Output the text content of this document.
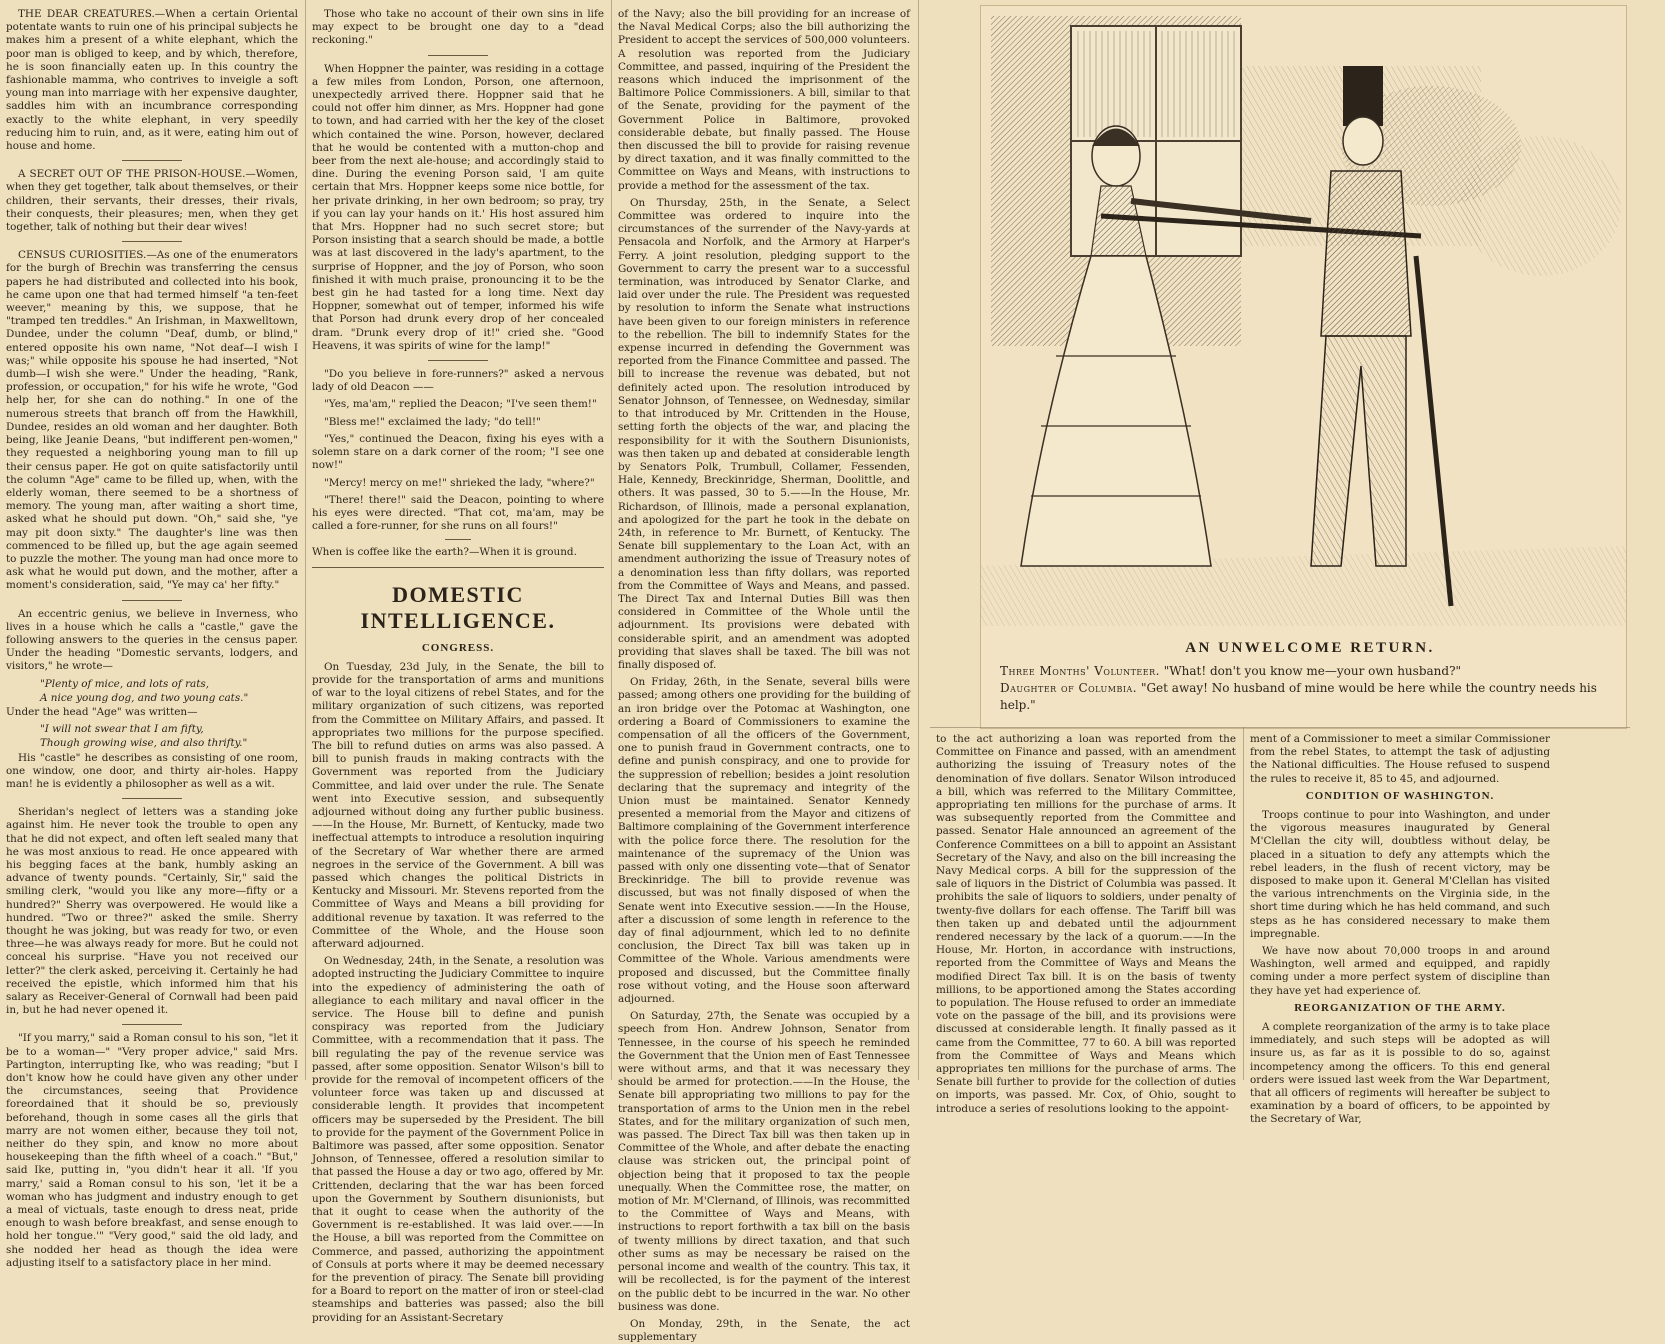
THE DEAR CREATURES.—When a certain Oriental potentate wants to ruin one of his principal subjects he makes him a present of a white elephant, which the poor man is obliged to keep, and by which, therefore, he is soon financially eaten up. In this country the fashionable mamma, who contrives to inveigle a soft young man into marriage with her expensive daughter, saddles him with an incumbrance corresponding exactly to the white elephant, in very speedily reducing him to ruin, and, as it were, eating him out of house and home.

A SECRET OUT OF THE PRISON-HOUSE.—Women, when they get together, talk about themselves, or their children, their servants, their dresses, their rivals, their conquests, their pleasures; men, when they get together, talk of nothing but their dear wives!

CENSUS CURIOSITIES.—As one of the enumerators for the burgh of Brechin was transferring the census papers he had distributed and collected into his book, he came upon one that had termed himself "a ten-feet weever," meaning by this, we suppose, that he "tramped ten treddles." An Irishman, in Maxwelltown, Dundee, under the column "Deaf, dumb, or blind," entered opposite his own name, "Not deaf—I wish I was;" while opposite his spouse he had inserted, "Not dumb—I wish she were." Under the heading, "Rank, profession, or occupation," for his wife he wrote, "God help her, for she can do nothing." In one of the numerous streets that branch off from the Hawkhill, Dundee, resides an old woman and her daughter. Both being, like Jeanie Deans, "but indifferent pen-women," they requested a neighboring young man to fill up their census paper. He got on quite satisfactorily until the column "Age" came to be filled up, when, with the elderly woman, there seemed to be a shortness of memory. The young man, after waiting a short time, asked what he should put down. "Oh," said she, "ye may pit doon sixty." The daughter's line was then commenced to be filled up, but the age again seemed to puzzle the mother. The young man had once more to ask what he would put down, and the mother, after a moment's consideration, said, "Ye may ca' her fifty."

An eccentric genius, we believe in Inverness, who lives in a house which he calls a "castle," gave the following answers to the queries in the census paper. Under the heading "Domestic servants, lodgers, and visitors," he wrote—

"Plenty of mice, and lots of rats,

A nice young dog, and two young cats."

Under the head "Age" was written—

"I will not swear that I am fifty,

Though growing wise, and also thrifty."

His "castle" he describes as consisting of one room, one window, one door, and thirty air-holes. Happy man! he is evidently a philosopher as well as a wit.

Sheridan's neglect of letters was a standing joke against him. He never took the trouble to open any that he did not expect, and often left sealed many that he was most anxious to read. He once appeared with his begging faces at the bank, humbly asking an advance of twenty pounds. "Certainly, Sir," said the smiling clerk, "would you like any more—fifty or a hundred?" Sherry was overpowered. He would like a hundred. "Two or three?" asked the smile. Sherry thought he was joking, but was ready for two, or even three—he was always ready for more. But he could not conceal his surprise. "Have you not received our letter?" the clerk asked, perceiving it. Certainly he had received the epistle, which informed him that his salary as Receiver-General of Cornwall had been paid in, but he had never opened it.

"If you marry," said a Roman consul to his son, "let it be to a woman—" "Very proper advice," said Mrs. Partington, interrupting Ike, who was reading; "but I don't know how he could have given any other under the circumstances, seeing that Providence foreordained that it should be so, previously beforehand, though in some cases all the girls that marry are not women either, because they toil not, neither do they spin, and know no more about housekeeping than the fifth wheel of a coach." "But," said Ike, putting in, "you didn't hear it all. 'If you marry,' said a Roman consul to his son, 'let it be a woman who has judgment and industry enough to get a meal of victuals, taste enough to dress neat, pride enough to wash before breakfast, and sense enough to hold her tongue.'" "Very good," said the old lady, and she nodded her head as though the idea were adjusting itself to a satisfactory place in her mind.

Those who take no account of their own sins in life may expect to be brought one day to a "dead reckoning."

When Hoppner the painter, was residing in a cottage a few miles from London, Porson, one afternoon, unexpectedly arrived there. Hoppner said that he could not offer him dinner, as Mrs. Hoppner had gone to town, and had carried with her the key of the closet which contained the wine. Porson, however, declared that he would be contented with a mutton-chop and beer from the next ale-house; and accordingly staid to dine. During the evening Porson said, 'I am quite certain that Mrs. Hoppner keeps some nice bottle, for her private drinking, in her own bedroom; so pray, try if you can lay your hands on it.' His host assured him that Mrs. Hoppner had no such secret store; but Porson insisting that a search should be made, a bottle was at last discovered in the lady's apartment, to the surprise of Hoppner, and the joy of Porson, who soon finished it with much praise, pronouncing it to be the best gin he had tasted for a long time. Next day Hoppner, somewhat out of temper, informed his wife that Porson had drunk every drop of her concealed dram. "Drunk every drop of it!" cried she. "Good Heavens, it was spirits of wine for the lamp!"

"Do you believe in fore-runners?" asked a nervous lady of old Deacon ——

"Yes, ma'am," replied the Deacon; "I've seen them!"

"Bless me!" exclaimed the lady; "do tell!"

"Yes," continued the Deacon, fixing his eyes with a solemn stare on a dark corner of the room; "I see one now!"

"Mercy! mercy on me!" shrieked the lady, "where?"

"There! there!" said the Deacon, pointing to where his eyes were directed. "That cot, ma'am, may be called a fore-runner, for she runs on all fours!"

When is coffee like the earth?—When it is ground.

DOMESTIC INTELLIGENCE.
CONGRESS.

On Tuesday, 23d July, in the Senate, the bill to provide for the transportation of arms and munitions of war to the loyal citizens of rebel States, and for the military organization of such citizens, was reported from the Committee on Military Affairs, and passed. It appropriates two millions for the purpose specified. The bill to refund duties on arms was also passed. A bill to punish frauds in making contracts with the Government was reported from the Judiciary Committee, and laid over under the rule. The Senate went into Executive session, and subsequently adjourned without doing any further public business.——In the House, Mr. Burnett, of Kentucky, made two ineffectual attempts to introduce a resolution inquiring of the Secretary of War whether there are armed negroes in the service of the Government. A bill was passed which changes the political Districts in Kentucky and Missouri. Mr. Stevens reported from the Committee of Ways and Means a bill providing for additional revenue by taxation. It was referred to the Committee of the Whole, and the House soon afterward adjourned.

On Wednesday, 24th, in the Senate, a resolution was adopted instructing the Judiciary Committee to inquire into the expediency of administering the oath of allegiance to each military and naval officer in the service. The House bill to define and punish conspiracy was reported from the Judiciary Committee, with a recommendation that it pass. The bill regulating the pay of the revenue service was passed, after some opposition. Senator Wilson's bill to provide for the removal of incompetent officers of the volunteer force was taken up and discussed at considerable length. It provides that incompetent officers may be superseded by the President. The bill to provide for the payment of the Government Police in Baltimore was passed, after some opposition. Senator Johnson, of Tennessee, offered a resolution similar to that passed the House a day or two ago, offered by Mr. Crittenden, declaring that the war has been forced upon the Government by Southern disunionists, but that it ought to cease when the authority of the Government is re-established. It was laid over.——In the House, a bill was reported from the Committee on Commerce, and passed, authorizing the appointment of Consuls at ports where it may be deemed necessary for the prevention of piracy. The Senate bill providing for a Board to report on the matter of iron or steel-clad steamships and batteries was passed; also the bill providing for an Assistant-Secretary

of the Navy; also the bill providing for an increase of the Naval Medical Corps; also the bill authorizing the President to accept the services of 500,000 volunteers. A resolution was reported from the Judiciary Committee, and passed, inquiring of the President the reasons which induced the imprisonment of the Baltimore Police Commissioners. A bill, similar to that of the Senate, providing for the payment of the Government Police in Baltimore, provoked considerable debate, but finally passed. The House then discussed the bill to provide for raising revenue by direct taxation, and it was finally committed to the Committee on Ways and Means, with instructions to provide a method for the assessment of the tax.

On Thursday, 25th, in the Senate, a Select Committee was ordered to inquire into the circumstances of the surrender of the Navy-yards at Pensacola and Norfolk, and the Armory at Harper's Ferry. A joint resolution, pledging support to the Government to carry the present war to a successful termination, was introduced by Senator Clarke, and laid over under the rule. The President was requested by resolution to inform the Senate what instructions have been given to our foreign ministers in reference to the rebellion. The bill to indemnify States for the expense incurred in defending the Government was reported from the Finance Committee and passed. The bill to increase the revenue was debated, but not definitely acted upon. The resolution introduced by Senator Johnson, of Tennessee, on Wednesday, similar to that introduced by Mr. Crittenden in the House, setting forth the objects of the war, and placing the responsibility for it with the Southern Disunionists, was then taken up and debated at considerable length by Senators Polk, Trumbull, Collamer, Fessenden, Hale, Kennedy, Breckinridge, Sherman, Doolittle, and others. It was passed, 30 to 5.——In the House, Mr. Richardson, of Illinois, made a personal explanation, and apologized for the part he took in the debate on 24th, in reference to Mr. Burnett, of Kentucky. The Senate bill supplementary to the Loan Act, with an amendment authorizing the issue of Treasury notes of a denomination less than fifty dollars, was reported from the Committee of Ways and Means, and passed. The Direct Tax and Internal Duties Bill was then considered in Committee of the Whole until the adjournment. Its provisions were debated with considerable spirit, and an amendment was adopted providing that slaves shall be taxed. The bill was not finally disposed of.

On Friday, 26th, in the Senate, several bills were passed; among others one providing for the building of an iron bridge over the Potomac at Washington, one ordering a Board of Commissioners to examine the compensation of all the officers of the Government, one to punish fraud in Government contracts, one to define and punish conspiracy, and one to provide for the suppression of rebellion; besides a joint resolution declaring that the supremacy and integrity of the Union must be maintained. Senator Kennedy presented a memorial from the Mayor and citizens of Baltimore complaining of the Government interference with the police force there. The resolution for the maintenance of the supremacy of the Union was passed with only one dissenting vote—that of Senator Breckinridge. The bill to provide revenue was discussed, but was not finally disposed of when the Senate went into Executive session.——In the House, after a discussion of some length in reference to the day of final adjournment, which led to no definite conclusion, the Direct Tax bill was taken up in Committee of the Whole. Various amendments were proposed and discussed, but the Committee finally rose without voting, and the House soon afterward adjourned.

On Saturday, 27th, the Senate was occupied by a speech from Hon. Andrew Johnson, Senator from Tennessee, in the course of his speech he reminded the Government that the Union men of East Tennessee were without arms, and that it was necessary they should be armed for protection.——In the House, the Senate bill appropriating two millions to pay for the transportation of arms to the Union men in the rebel States, and for the military organization of such men, was passed. The Direct Tax bill was then taken up in Committee of the Whole, and after debate the enacting clause was stricken out, the principal point of objection being that it proposed to tax the people unequally. When the Committee rose, the matter, on motion of Mr. M'Clernand, of Illinois, was recommitted to the Committee of Ways and Means, with instructions to report forthwith a tax bill on the basis of twenty millions by direct taxation, and that such other sums as may be necessary be raised on the personal income and wealth of the country. This tax, it will be recollected, is for the payment of the interest on the public debt to be incurred in the war. No other business was done.

On Monday, 29th, in the Senate, the act supplementary

AN UNWELCOME RETURN.
Three Months' Volunteer. "What! don't you know me—your own husband?"
Daughter of Columbia. "Get away! No husband of mine would be here while the country needs his help."

to the act authorizing a loan was reported from the Committee on Finance and passed, with an amendment authorizing the issuing of Treasury notes of the denomination of five dollars. Senator Wilson introduced a bill, which was referred to the Military Committee, appropriating ten millions for the purchase of arms. It was subsequently reported from the Committee and passed. Senator Hale announced an agreement of the Conference Committees on a bill to appoint an Assistant Secretary of the Navy, and also on the bill increasing the Navy Medical corps. A bill for the suppression of the sale of liquors in the District of Columbia was passed. It prohibits the sale of liquors to soldiers, under penalty of twenty-five dollars for each offense. The Tariff bill was then taken up and debated until the adjournment rendered necessary by the lack of a quorum.——In the House, Mr. Horton, in accordance with instructions, reported from the Committee of Ways and Means the modified Direct Tax bill. It is on the basis of twenty millions, to be apportioned among the States according to population. The House refused to order an immediate vote on the passage of the bill, and its provisions were discussed at considerable length. It finally passed as it came from the Committee, 77 to 60. A bill was reported from the Committee of Ways and Means which appropriates ten millions for the purchase of arms. The Senate bill further to provide for the collection of duties on imports, was passed. Mr. Cox, of Ohio, sought to introduce a series of resolutions looking to the appoint-

ment of a Commissioner to meet a similar Commissioner from the rebel States, to attempt the task of adjusting the National difficulties. The House refused to suspend the rules to receive it, 85 to 45, and adjourned.

CONDITION OF WASHINGTON.

Troops continue to pour into Washington, and under the vigorous measures inaugurated by General M'Clellan the city will, doubtless without delay, be placed in a situation to defy any attempts which the rebel leaders, in the flush of recent victory, may be disposed to make upon it. General M'Clellan has visited the various intrenchments on the Virginia side, in the short time during which he has held command, and such steps as he has considered necessary to make them impregnable.

We have now about 70,000 troops in and around Washington, well armed and equipped, and rapidly coming under a more perfect system of discipline than they have yet had experience of.

REORGANIZATION OF THE ARMY.

A complete reorganization of the army is to take place immediately, and such steps will be adopted as will insure us, as far as it is possible to do so, against incompetency among the officers. To this end general orders were issued last week from the War Department, that all officers of regiments will hereafter be subject to examination by a board of officers, to be appointed by the Secretary of War,
